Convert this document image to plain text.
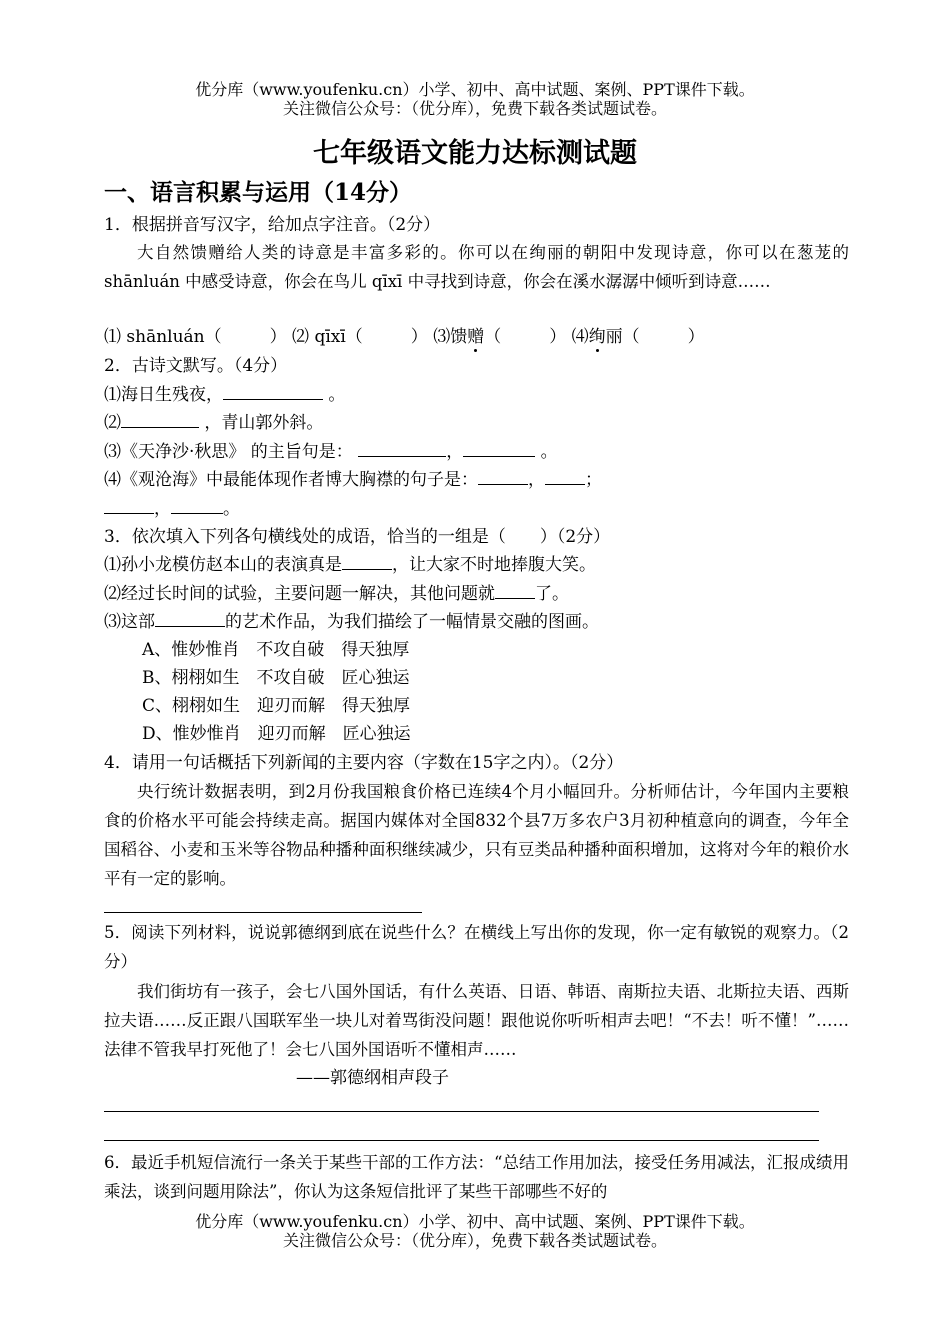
优分库（www.youfenku.cn）小学、初中、高中试题、案例、PPT课件下载。
关注微信公众号：（优分库），免费下载各类试题试卷。
七年级语文能力达标测试题
一、语言积累与运用（14分）
1．根据拼音写汉字，给加点字注音。（2分）
大自然馈赠给人类的诗意是丰富多彩的。你可以在绚丽的朝阳中发现诗意，你可以在葱茏的 shānluán 中感受诗意，你会在鸟儿 qīxī 中寻找到诗意，你会在溪水潺潺中倾听到诗意……
⑴ shānluán（	） ⑵ qīxī（	） ⑶馈赠（	） ⑷绚丽（	）
2．古诗文默写。（4分）
⑴海日生残夜，	。
⑵	，青山郭外斜。
⑶《天净沙·秋思》 的主旨句是：	，	。
⑷《观沧海》中最能体现作者博大胸襟的句子是：	， ；
，	。
3．依次填入下列各句横线处的成语，恰当的一组是（　　）（2分）
⑴孙小龙模仿赵本山的表演真是	，让大家不时地捧腹大笑。
⑵经过长时间的试验，主要问题一解决，其他问题就 了。
⑶这部	的艺术作品，为我们描绘了一幅情景交融的图画。
A、惟妙惟肖　不攻自破　得天独厚
B、栩栩如生　不攻自破　匠心独运
C、栩栩如生　迎刃而解　得天独厚
D、惟妙惟肖　迎刃而解　匠心独运
4．请用一句话概括下列新闻的主要内容（字数在15字之内）。（2分）
央行统计数据表明，到2月份我国粮食价格已连续4个月小幅回升。分析师估计，今年国内主要粮食的价格水平可能会持续走高。据国内媒体对全国832个县7万多农户3月初种植意向的调查，今年全国稻谷、小麦和玉米等谷物品种播种面积继续减少，只有豆类品种播种面积增加，这将对今年的粮价水平有一定的影响。
5．阅读下列材料，说说郭德纲到底在说些什么？在横线上写出你的发现，你一定有敏锐的观察力。（2分）
我们街坊有一孩子，会七八国外国话，有什么英语、日语、韩语、南斯拉夫语、北斯拉夫语、西斯拉夫语……反正跟八国联军坐一块儿对着骂街没问题！跟他说你听听相声去吧！“不去！听不懂！”……法律不管我早打死他了！会七八国外国语听不懂相声……
——郭德纲相声段子
6．最近手机短信流行一条关于某些干部的工作方法：“总结工作用加法，接受任务用减法，汇报成绩用乘法，谈到问题用除法”，你认为这条短信批评了某些干部哪些不好的
优分库（www.youfenku.cn）小学、初中、高中试题、案例、PPT课件下载。
关注微信公众号：（优分库），免费下载各类试题试卷。
